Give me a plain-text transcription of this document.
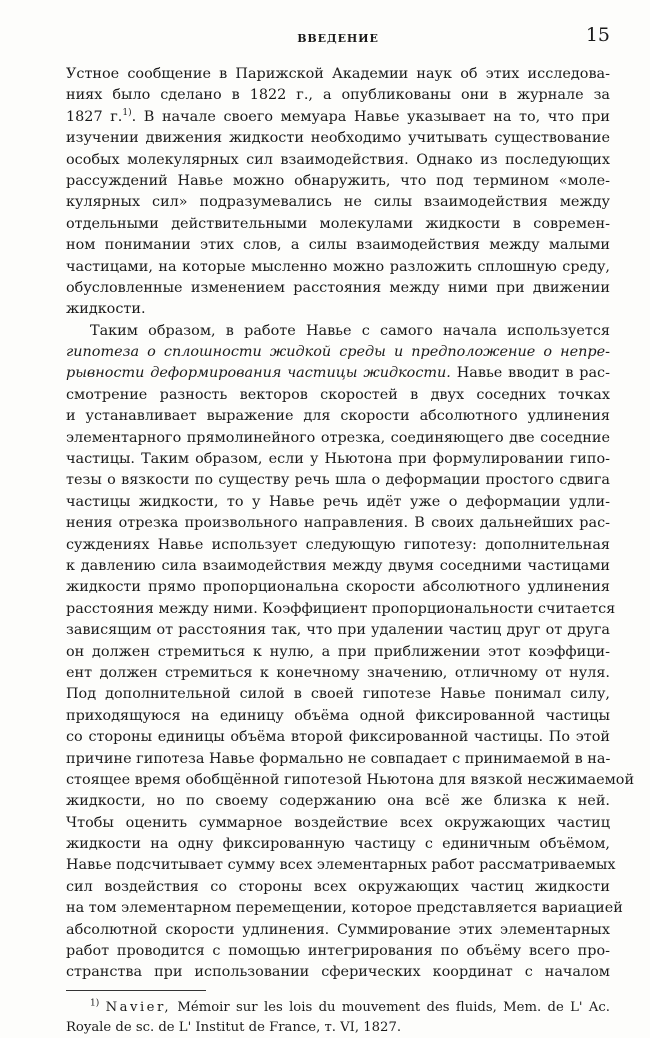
ВВЕДЕНИЕ	15
Устное сообщение в Парижской Академии наук об этих исследова-
ниях было сделано в 1822 г., а опубликованы они в журнале за
1827 г.$^{1)}$. В начале своего мемуара Навье указывает на то, что при
изучении движения жидкости необходимо учитывать существование
особых молекулярных сил взаимодействия. Однако из последующих
рассуждений Навье можно обнаружить, что под термином «моле-
кулярных сил» подразумевались не силы взаимодействия между
отдельными действительными молекулами жидкости в современ-
ном понимании этих слов, а силы взаимодействия между малыми
частицами, на которые мысленно можно разложить сплошную среду,
обусловленные изменением расстояния между ними при движении
жидкости.
Таким образом, в работе Навье с самого начала используется
гипотеза о сплошности жидкой среды и предположение о непре-
рывности деформирования частицы жидкости. Навье вводит в рас-
смотрение разность векторов скоростей в двух соседних точках
и устанавливает выражение для скорости абсолютного удлинения
элементарного прямолинейного отрезка, соединяющего две соседние
частицы. Таким образом, если у Ньютона при формулировании гипо-
тезы о вязкости по существу речь шла о деформации простого сдвига
частицы жидкости, то у Навье речь идёт уже о деформации удли-
нения отрезка произвольного направления. В своих дальнейших рас-
суждениях Навье использует следующую гипотезу: дополнительная
к давлению сила взаимодействия между двумя соседними частицами
жидкости прямо пропорциональна скорости абсолютного удлинения
расстояния между ними. Коэффициент пропорциональности считается
зависящим от расстояния так, что при удалении частиц друг от друга
он должен стремиться к нулю, а при приближении этот коэффици-
ент должен стремиться к конечному значению, отличному от нуля.
Под дополнительной силой в своей гипотезе Навье понимал силу,
приходящуюся на единицу объёма одной фиксированной частицы
со стороны единицы объёма второй фиксированной частицы. По этой
причине гипотеза Навье формально не совпадает с принимаемой в на-
стоящее время обобщённой гипотезой Ньютона для вязкой несжимаемой
жидкости, но по своему содержанию она всё же близка к ней.
Чтобы оценить суммарное воздействие всех окружающих частиц
жидкости на одну фиксированную частицу с единичным объёмом,
Навье подсчитывает сумму всех элементарных работ рассматриваемых
сил воздействия со стороны всех окружающих частиц жидкости
на том элементарном перемещении, которое представляется вариацией
абсолютной скорости удлинения. Суммирование этих элементарных
работ проводится с помощью интегрирования по объёму всего про-
странства при использовании сферических координат с началом
$^{1)}$ Navier, Mémoir sur les lois du mouvement des fluids, Mem. de L' Ac.
Royale de sc. de L' Institut de France, т. VI, 1827.
